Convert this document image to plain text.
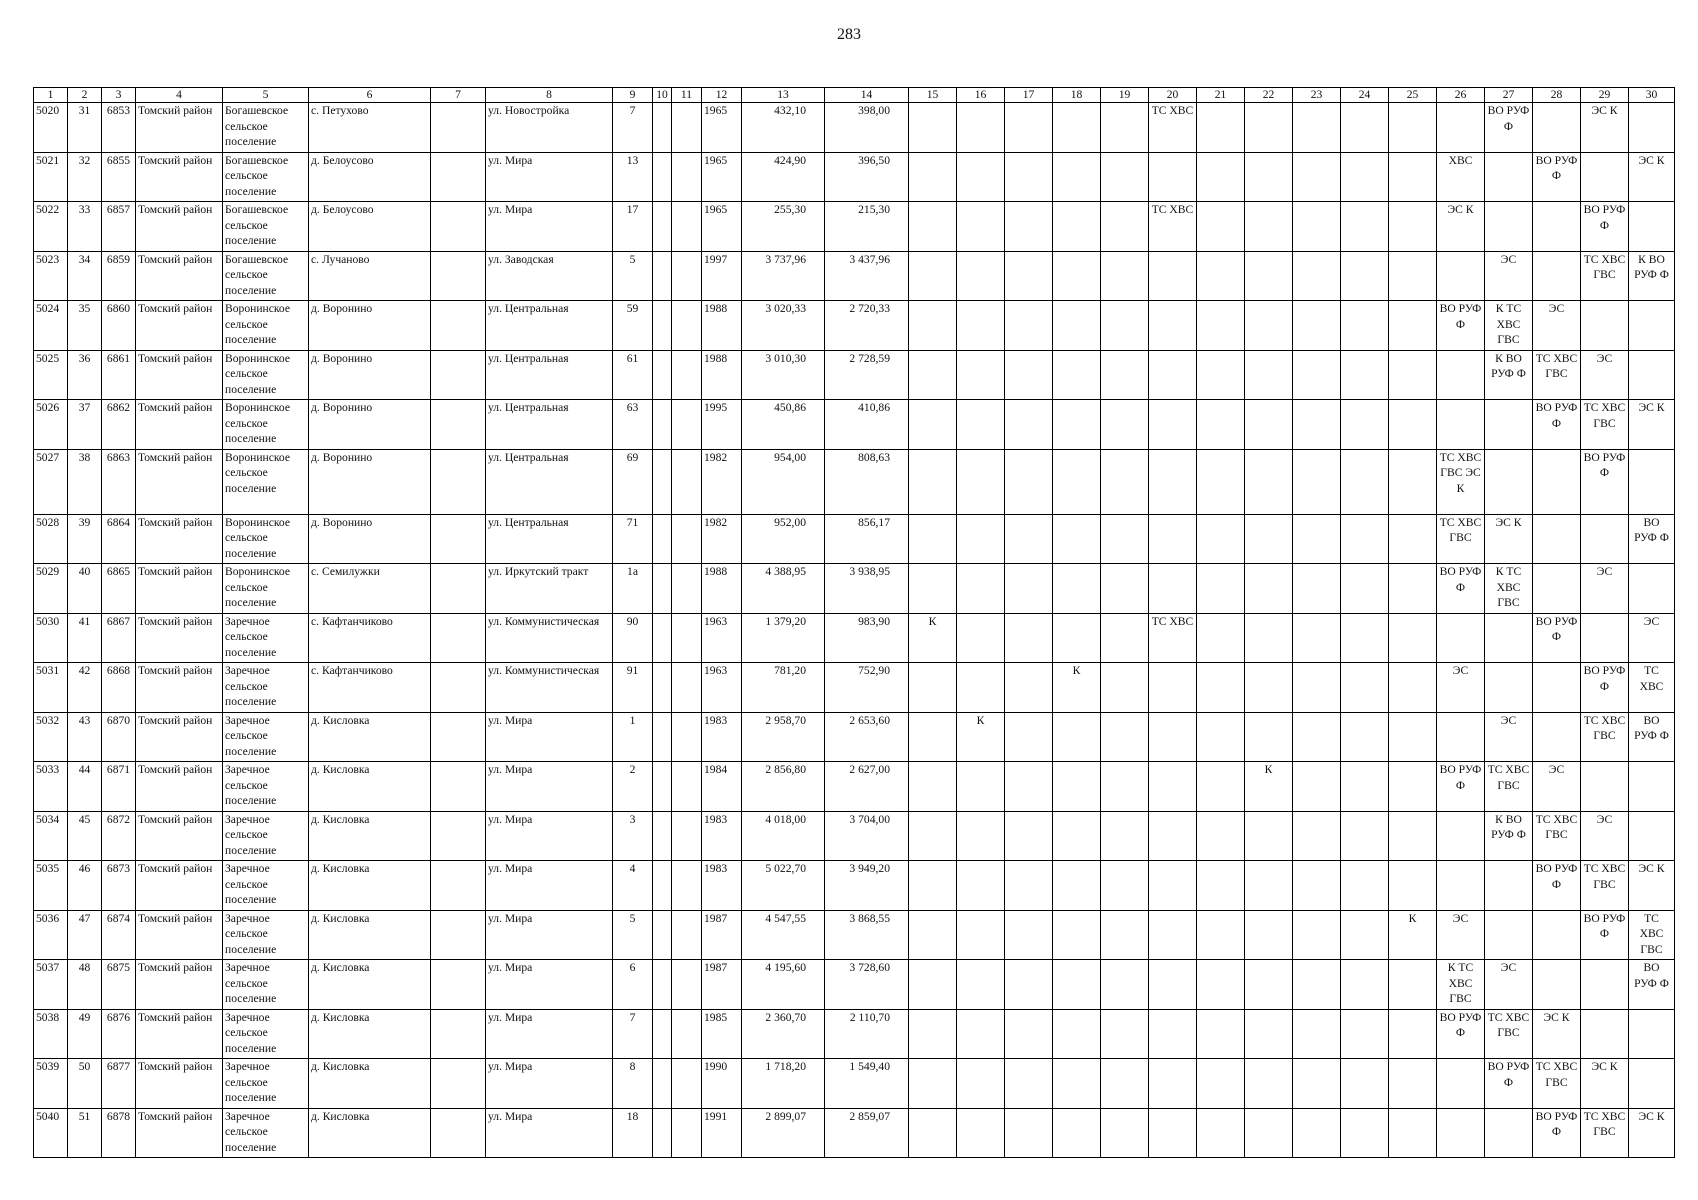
283
1	2	3	4	5	6	7	8	9	10	11	12	13	14	15	16	17	18	19	20	21	22	23	24	25	26	27	28	29	30
5020	31	6853	Томский район	Богашевское сельское поселение	с. Петухово		ул. Новостройка	7			1965	432,10	398,00						ТС ХВС							ВО РУФ Ф		ЭС К	
5021	32	6855	Томский район	Богашевское сельское поселение	д. Белоусово		ул. Мира	13			1965	424,90	396,50												ХВС		ВО РУФ Ф		ЭС К
5022	33	6857	Томский район	Богашевское сельское поселение	д. Белоусово		ул. Мира	17			1965	255,30	215,30						ТС ХВС						ЭС К			ВО РУФ Ф	
5023	34	6859	Томский район	Богашевское сельское поселение	с. Лучаново		ул. Заводская	5			1997	3 737,96	3 437,96													ЭС		ТС ХВС ГВС	К ВО РУФ Ф
5024	35	6860	Томский район	Воронинское сельское поселение	д. Воронино		ул. Центральная	59			1988	3 020,33	2 720,33												ВО РУФ Ф	К ТС ХВС ГВС	ЭС		
5025	36	6861	Томский район	Воронинское сельское поселение	д. Воронино		ул. Центральная	61			1988	3 010,30	2 728,59													К ВО РУФ Ф	ТС ХВС ГВС	ЭС	
5026	37	6862	Томский район	Воронинское сельское поселение	д. Воронино		ул. Центральная	63			1995	450,86	410,86														ВО РУФ Ф	ТС ХВС ГВС	ЭС К
5027	38	6863	Томский район	Воронинское сельское поселение	д. Воронино		ул. Центральная	69			1982	954,00	808,63												ТС ХВС ГВС ЭС К			ВО РУФ Ф	
5028	39	6864	Томский район	Воронинское сельское поселение	д. Воронино		ул. Центральная	71			1982	952,00	856,17												ТС ХВС ГВС	ЭС К			ВО РУФ Ф
5029	40	6865	Томский район	Воронинское сельское поселение	с. Семилужки		ул. Иркутский тракт	1а			1988	4 388,95	3 938,95												ВО РУФ Ф	К ТС ХВС ГВС		ЭС	
5030	41	6867	Томский район	Заречное сельское поселение	с. Кафтанчиково		ул. Коммунистическая	90			1963	1 379,20	983,90	К					ТС ХВС								ВО РУФ Ф		ЭС
5031	42	6868	Томский район	Заречное сельское поселение	с. Кафтанчиково		ул. Коммунистическая	91			1963	781,20	752,90				К								ЭС			ВО РУФ Ф	ТС ХВС
5032	43	6870	Томский район	Заречное сельское поселение	д. Кисловка		ул. Мира	1			1983	2 958,70	2 653,60		К											ЭС		ТС ХВС ГВС	ВО РУФ Ф
5033	44	6871	Томский район	Заречное сельское поселение	д. Кисловка		ул. Мира	2			1984	2 856,80	2 627,00								К				ВО РУФ Ф	ТС ХВС ГВС	ЭС		
5034	45	6872	Томский район	Заречное сельское поселение	д. Кисловка		ул. Мира	3			1983	4 018,00	3 704,00													К ВО РУФ Ф	ТС ХВС ГВС	ЭС	
5035	46	6873	Томский район	Заречное сельское поселение	д. Кисловка		ул. Мира	4			1983	5 022,70	3 949,20														ВО РУФ Ф	ТС ХВС ГВС	ЭС К
5036	47	6874	Томский район	Заречное сельское поселение	д. Кисловка		ул. Мира	5			1987	4 547,55	3 868,55											К	ЭС			ВО РУФ Ф	ТС ХВС ГВС
5037	48	6875	Томский район	Заречное сельское поселение	д. Кисловка		ул. Мира	6			1987	4 195,60	3 728,60												К ТС ХВС ГВС	ЭС			ВО РУФ Ф
5038	49	6876	Томский район	Заречное сельское поселение	д. Кисловка		ул. Мира	7			1985	2 360,70	2 110,70												ВО РУФ Ф	ТС ХВС ГВС	ЭС К		
5039	50	6877	Томский район	Заречное сельское поселение	д. Кисловка		ул. Мира	8			1990	1 718,20	1 549,40													ВО РУФ Ф	ТС ХВС ГВС	ЭС К	
5040	51	6878	Томский район	Заречное сельское поселение	д. Кисловка		ул. Мира	18			1991	2 899,07	2 859,07														ВО РУФ Ф	ТС ХВС ГВС	ЭС К
